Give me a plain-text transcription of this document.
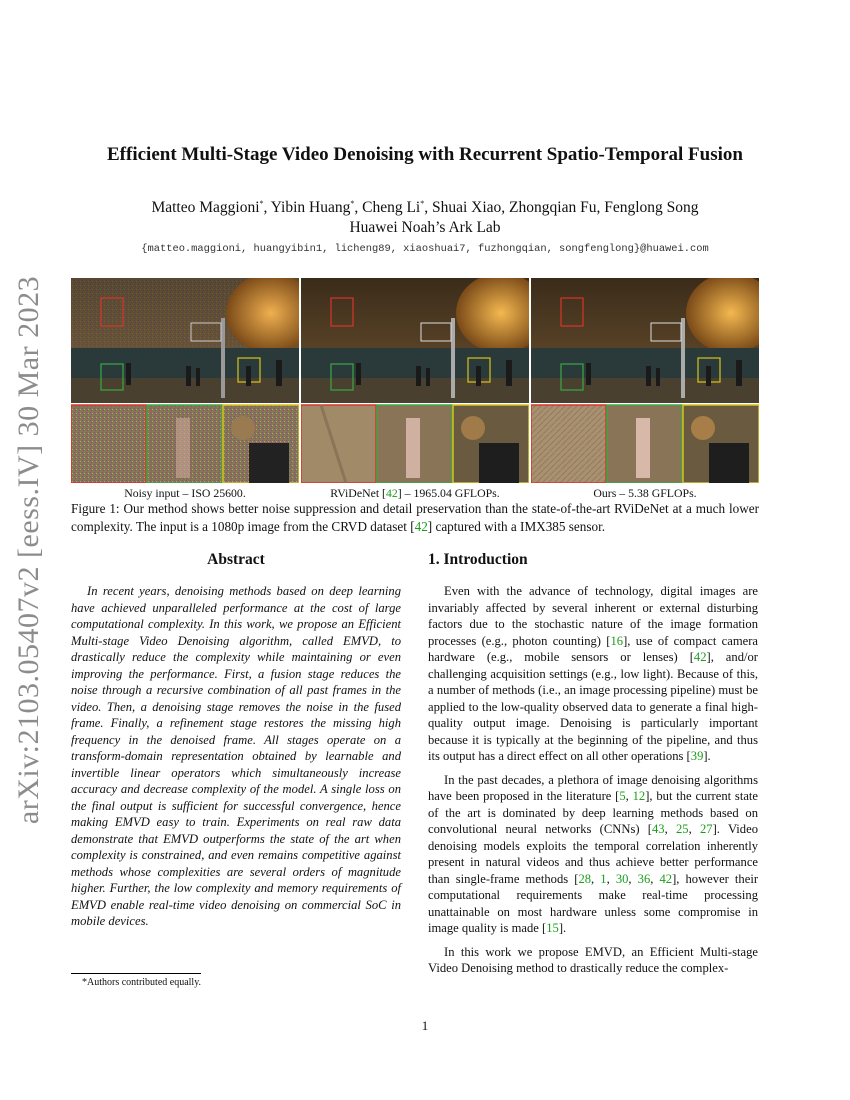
arXiv:2103.05407v2 [eess.IV] 30 Mar 2023
Efficient Multi-Stage Video Denoising with Recurrent Spatio-Temporal Fusion
Matteo Maggioni*, Yibin Huang*, Cheng Li*, Shuai Xiao, Zhongqian Fu, Fenglong Song
Huawei Noah’s Ark Lab
{matteo.maggioni, huangyibin1, licheng89, xiaoshuai7, fuzhongqian, songfenglong}@huawei.com
Noisy input – ISO 25600.	RViDeNet [42] – 1965.04 GFLOPs.	Ours – 5.38 GFLOPs.
Figure 1: Our method shows better noise suppression and detail preservation than the state-of-the-art RViDeNet at a much lower complexity. The input is a 1080p image from the CRVD dataset [42] captured with a IMX385 sensor.
Abstract	1. Introduction
In recent years, denoising methods based on deep learning have achieved unparalleled performance at the cost of large computational complexity. In this work, we propose an Efficient Multi-stage Video Denoising algorithm, called EMVD, to drastically reduce the complexity while maintaining or even improving the performance. First, a fusion stage reduces the noise through a recursive combination of all past frames in the video. Then, a denoising stage removes the noise in the fused frame. Finally, a refinement stage restores the missing high frequency in the denoised frame. All stages operate on a transform-domain representation obtained by learnable and invertible linear operators which simultaneously increase accuracy and decrease complexity of the model. A single loss on the final output is sufficient for successful convergence, hence making EMVD easy to train. Experiments on real raw data demonstrate that EMVD outperforms the state of the art when complexity is constrained, and even remains competitive against methods whose complexities are several orders of magnitude higher. Further, the low complexity and memory requirements of EMVD enable real-time video denoising on commercial SoC in mobile devices.

Even with the advance of technology, digital images are invariably affected by several inherent or external disturbing factors due to the stochastic nature of the image formation processes (e.g., photon counting) [16], use of compact camera hardware (e.g., mobile sensors or lenses) [42], and/or challenging acquisition settings (e.g., low light). Because of this, a number of methods (i.e., an image processing pipeline) must be applied to the low-quality observed data to generate a final high-quality output image. Denoising is particularly important because it is typically at the beginning of the pipeline, and thus its output has a direct effect on all other operations [39].

In the past decades, a plethora of image denoising algorithms have been proposed in the literature [5, 12], but the current state of the art is dominated by deep learning methods based on convolutional neural networks (CNNs) [43, 25, 27]. Video denoising models exploits the temporal correlation inherently present in natural videos and thus achieve better performance than single-frame methods [28, 1, 30, 36, 42], however their computational requirements make real-time processing unattainable on most hardware unless some compromise in image quality is made [15].

In this work we propose EMVD, an Efficient Multi-stage Video Denoising method to drastically reduce the complex-

*Authors contributed equally.
1
